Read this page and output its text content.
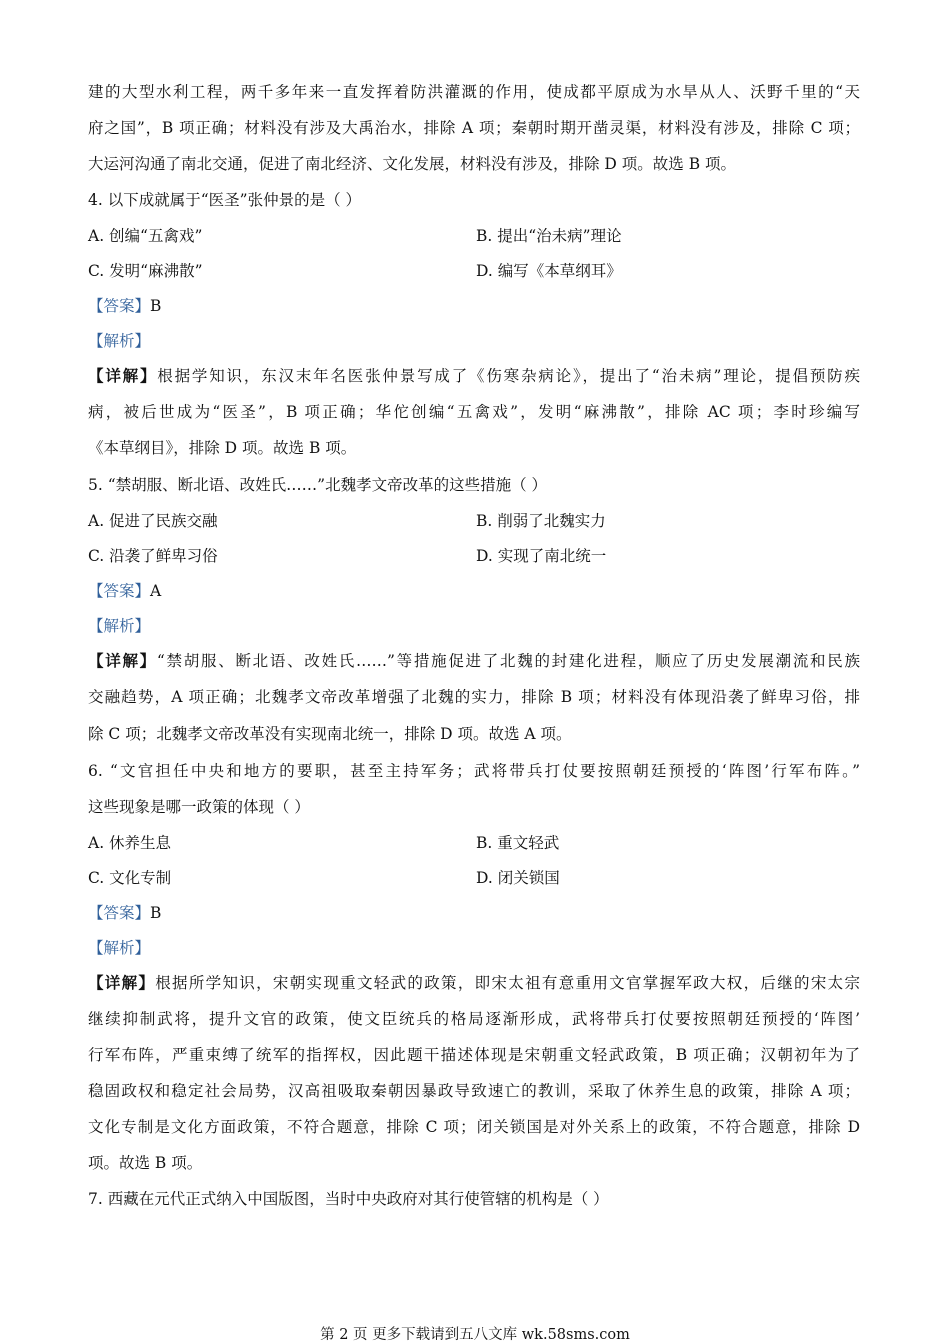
建的大型水利工程，两千多年来一直发挥着防洪灌溉的作用，使成都平原成为水旱从人、沃野千里的“天
府之国”，B 项正确；材料没有涉及大禹治水，排除 A 项；秦朝时期开凿灵渠，材料没有涉及，排除 C 项；
大运河沟通了南北交通，促进了南北经济、文化发展，材料没有涉及，排除 D 项。故选 B 项。
4. 以下成就属于“医圣”张仲景的是（ ）
A. 创编“五禽戏”	B. 提出“治未病”理论
C. 发明“麻沸散”	D. 编写《本草纲耳》
【答案】B
【解析】
【详解】根据学知识，东汉末年名医张仲景写成了《伤寒杂病论》，提出了“治未病”理论，提倡预防疾
病，被后世成为“医圣”，B 项正确；华佗创编“五禽戏”，发明“麻沸散”，排除 AC 项；李时珍编写
《本草纲目》，排除 D 项。故选 B 项。
5. “禁胡服、断北语、改姓氏……”北魏孝文帝改革的这些措施（ ）
A. 促进了民族交融	B. 削弱了北魏实力
C. 沿袭了鲜卑习俗	D. 实现了南北统一
【答案】A
【解析】
【详解】“禁胡服、断北语、改姓氏……”等措施促进了北魏的封建化进程，顺应了历史发展潮流和民族
交融趋势，A 项正确；北魏孝文帝改革增强了北魏的实力，排除 B 项；材料没有体现沿袭了鲜卑习俗，排
除 C 项；北魏孝文帝改革没有实现南北统一，排除 D 项。故选 A 项。
6. “文官担任中央和地方的要职，甚至主持军务；武将带兵打仗要按照朝廷预授的‘阵图’行军布阵。”
这些现象是哪一政策的体现（ ）
A. 休养生息	B. 重文轻武
C. 文化专制	D. 闭关锁国
【答案】B
【解析】
【详解】根据所学知识，宋朝实现重文轻武的政策，即宋太祖有意重用文官掌握军政大权，后继的宋太宗
继续抑制武将，提升文官的政策，使文臣统兵的格局逐渐形成，武将带兵打仗要按照朝廷预授的‘阵图’
行军布阵，严重束缚了统军的指挥权，因此题干描述体现是宋朝重文轻武政策，B 项正确；汉朝初年为了
稳固政权和稳定社会局势，汉高祖吸取秦朝因暴政导致速亡的教训，采取了休养生息的政策，排除 A 项；
文化专制是文化方面政策，不符合题意，排除 C 项；闭关锁国是对外关系上的政策，不符合题意，排除 D
项。故选 B 项。
7. 西藏在元代正式纳入中国版图，当时中央政府对其行使管辖的机构是（ ）
第 2 页 更多下载请到五八文库 wk.58sms.com
